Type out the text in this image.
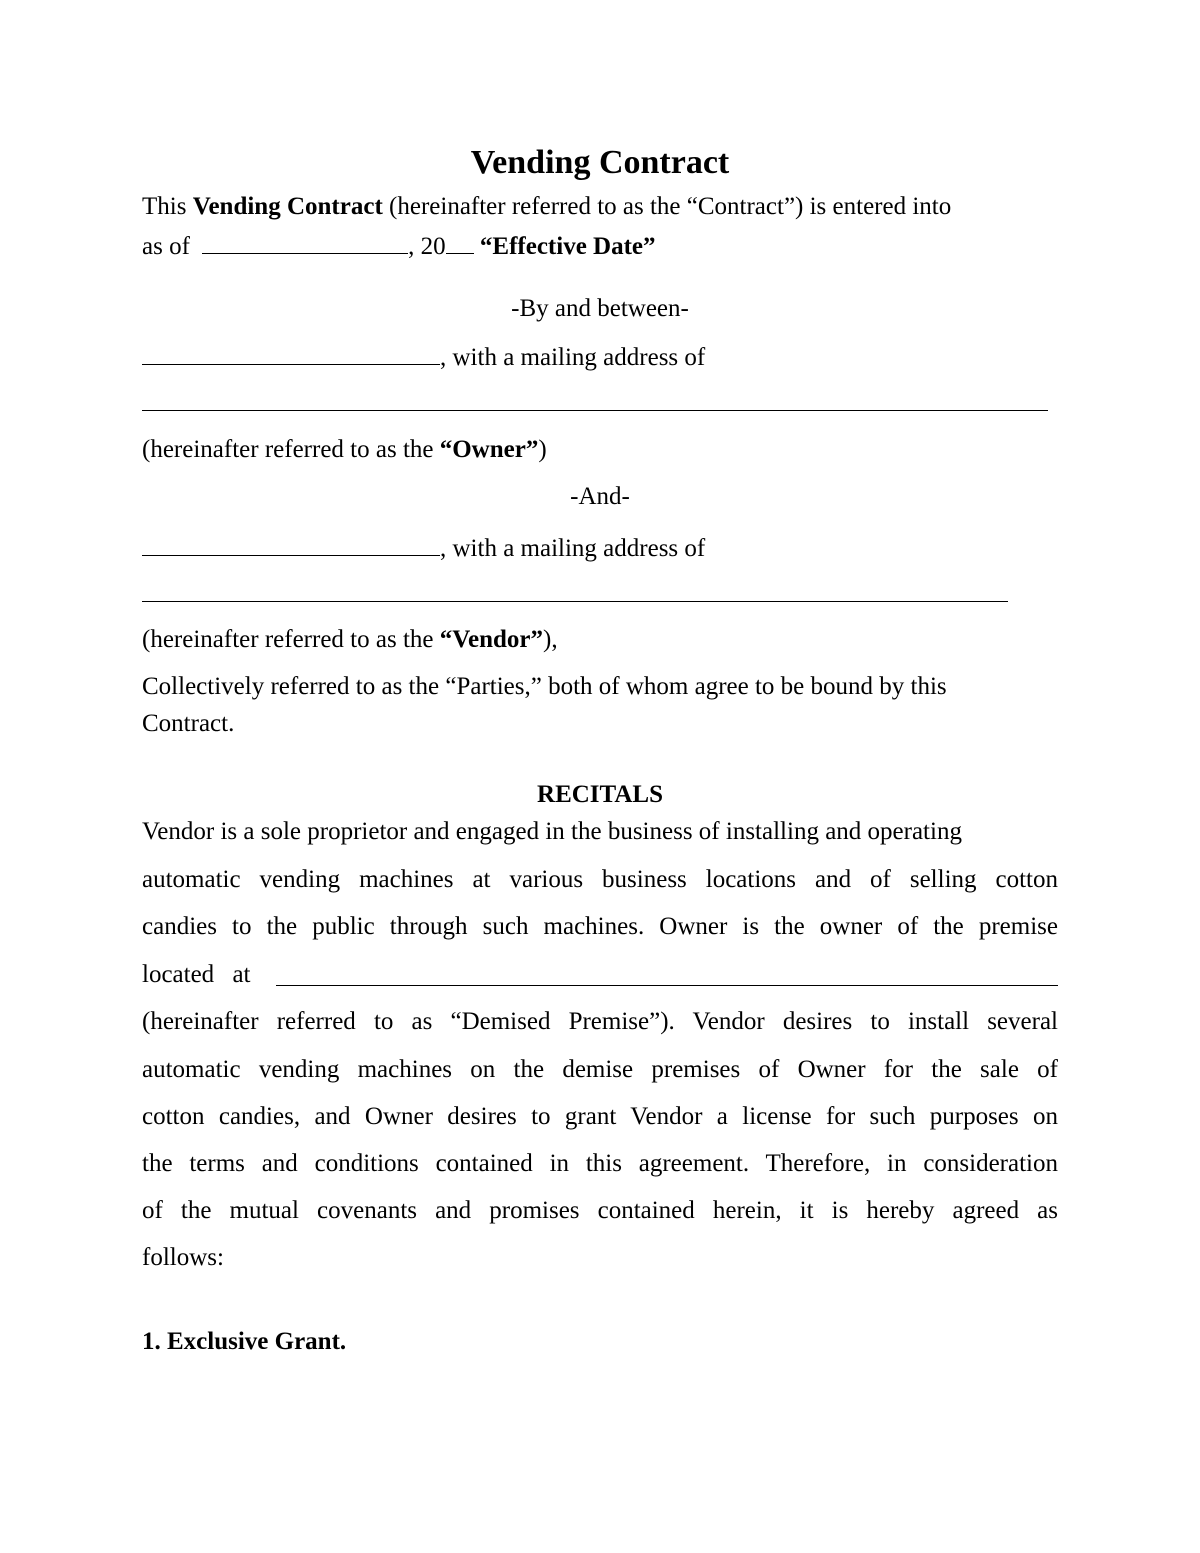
Vending Contract
This Vending Contract (hereinafter referred to as the “Contract”) is entered into
as of	, 20 “Effective Date”
-By and between-
, with a mailing address of
(hereinafter referred to as the “Owner”)
-And-
, with a mailing address of
(hereinafter referred to as the “Vendor”),
Collectively referred to as the “Parties,” both of whom agree to be bound by this
Contract.
RECITALS
Vendor is a sole proprietor and engaged in the business of installing and operating
automatic vending machines at various business locations and of selling cotton
candies to the public through such machines. Owner is the owner of the premise
located at
(hereinafter referred to as “Demised Premise”). Vendor desires to install several
automatic vending machines on the demise premises of Owner for the sale of
cotton candies, and Owner desires to grant Vendor a license for such purposes on
the terms and conditions contained in this agreement. Therefore, in consideration
of the mutual covenants and promises contained herein, it is hereby agreed as
follows:
1. Exclusive Grant.
